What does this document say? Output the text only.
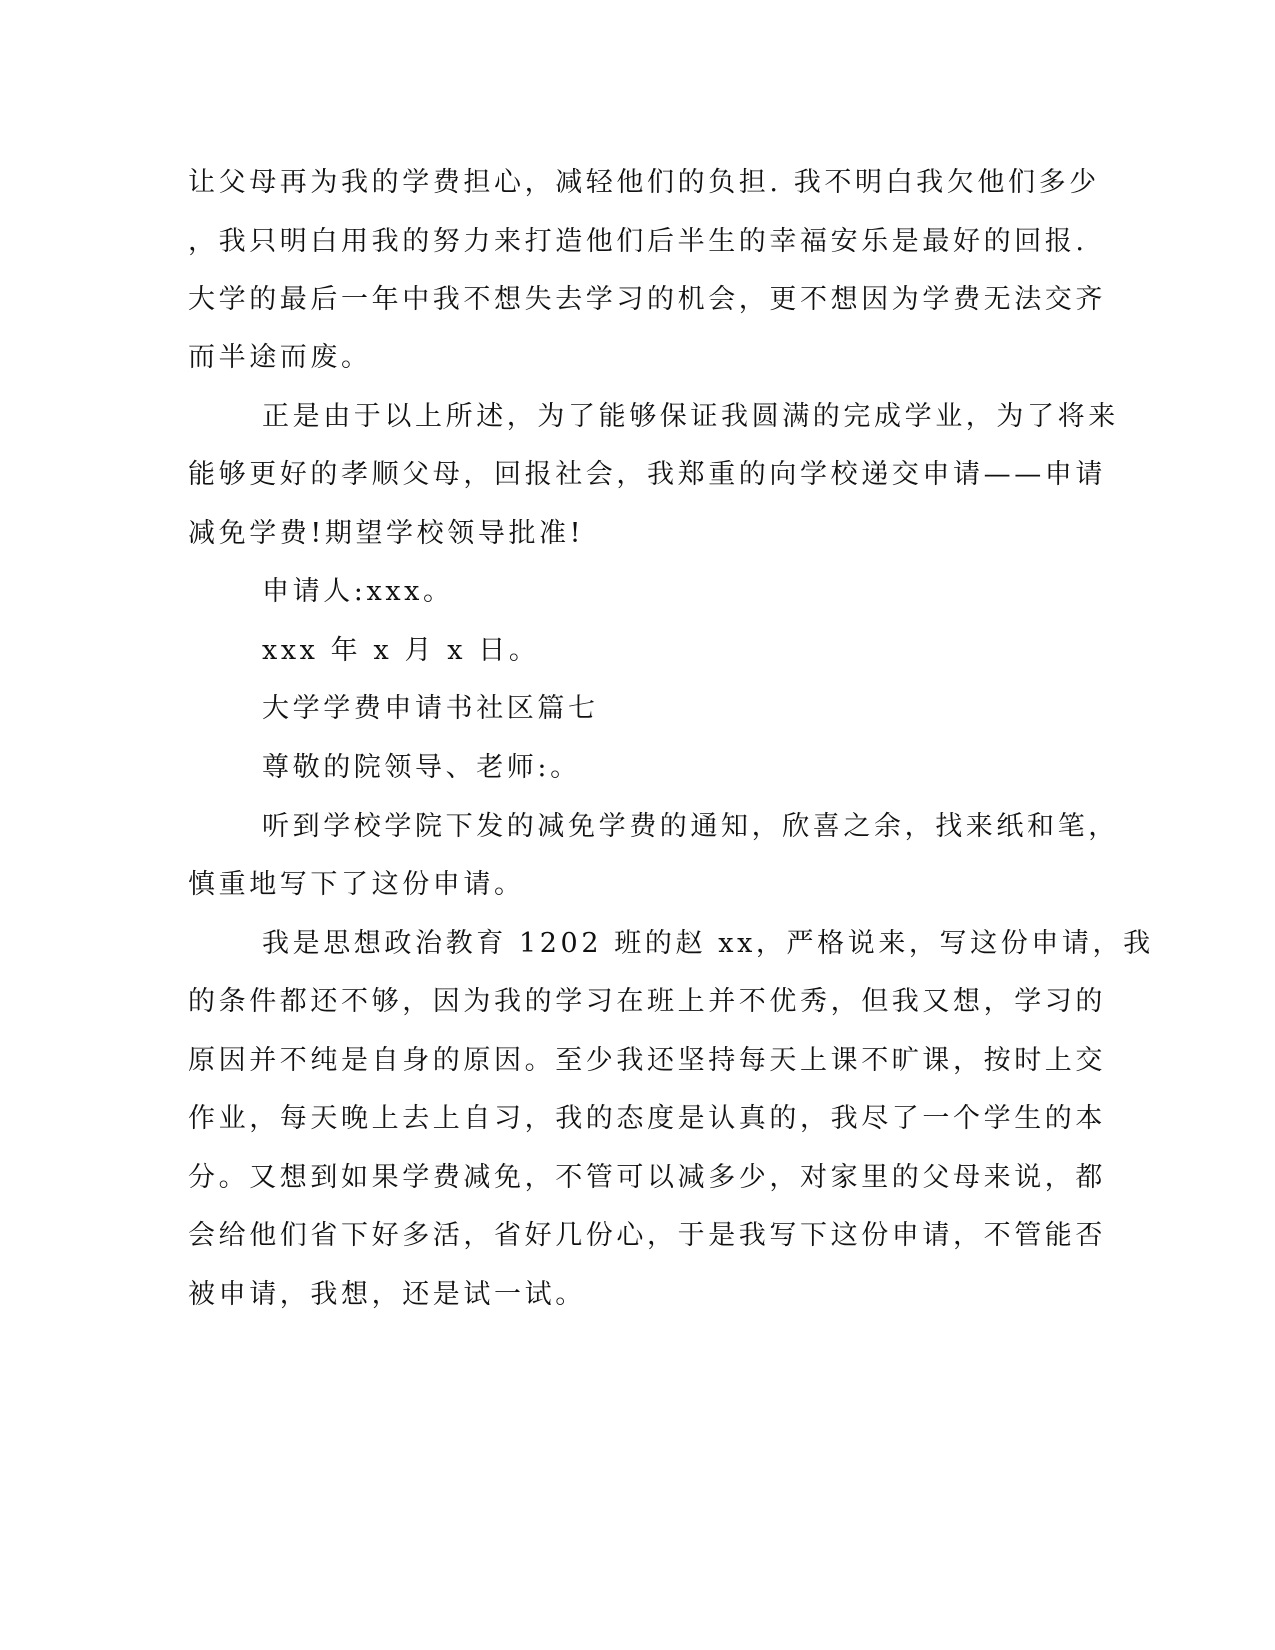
让父母再为我的学费担心，减轻他们的负担. 我不明白我欠他们多少
，我只明白用我的努力来打造他们后半生的幸福安乐是最好的回报.
大学的最后一年中我不想失去学习的机会，更不想因为学费无法交齐
而半途而废。
正是由于以上所述，为了能够保证我圆满的完成学业，为了将来
能够更好的孝顺父母，回报社会，我郑重的向学校递交申请——申请
减免学费!期望学校领导批准!
申请人:xxx。
xxx 年 x 月 x 日。
大学学费申请书社区篇七
尊敬的院领导、老师:。
听到学校学院下发的减免学费的通知，欣喜之余，找来纸和笔，
慎重地写下了这份申请。
我是思想政治教育 1202 班的赵 xx，严格说来，写这份申请，我
的条件都还不够，因为我的学习在班上并不优秀，但我又想，学习的
原因并不纯是自身的原因。至少我还坚持每天上课不旷课，按时上交
作业，每天晚上去上自习，我的态度是认真的，我尽了一个学生的本
分。又想到如果学费减免，不管可以减多少，对家里的父母来说，都
会给他们省下好多活，省好几份心，于是我写下这份申请，不管能否
被申请，我想，还是试一试。
